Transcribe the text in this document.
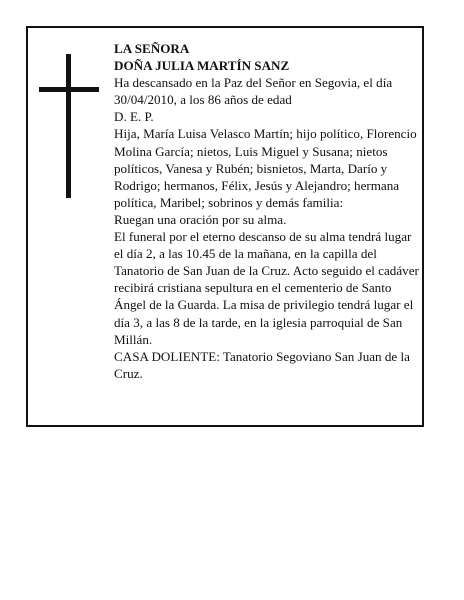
LA SEÑORA

DOÑA JULIA MARTÍN SANZ

Ha descansado en la Paz del Señor en Segovia, el día 30/04/2010, a los 86 años de edad

D. E. P.

Hija, María Luisa Velasco Martín; hijo político, Florencio Molina García; nietos, Luis Miguel y Susana; nietos políticos, Vanesa y Rubén; bisnietos, Marta, Darío y Rodrigo; hermanos, Félix, Jesús y Alejandro; hermana política, Maribel; sobrinos y demás familia:

Ruegan una oración por su alma.

El funeral por el eterno descanso de su alma tendrá lugar el día 2, a las 10.45 de la mañana, en la capilla del Tanatorio de San Juan de la Cruz. Acto seguido el cadáver recibirá cristiana sepultura en el cementerio de Santo Ángel de la Guarda. La misa de privilegio tendrá lugar el día 3, a las 8 de la tarde, en la iglesia parroquial de San Millán.

CASA DOLIENTE: Tanatorio Segoviano San Juan de la Cruz.
